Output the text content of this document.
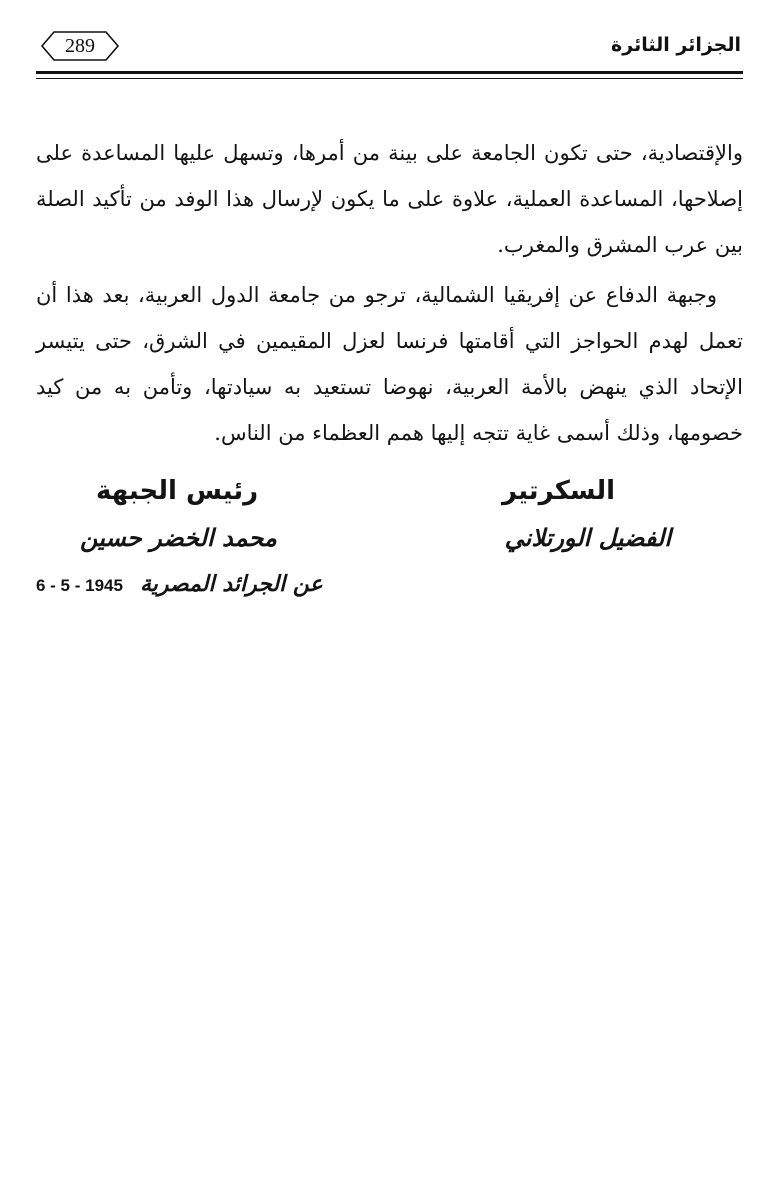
289	الجزائر الثائرة

والإقتصادية، حتى تكون الجامعة على بينة من أمرها، وتسهل عليها المساعدة على إصلاحها، المساعدة العملية، علاوة على ما يكون لإرسال هذا الوفد من تأكيد الصلة بين عرب المشرق والمغرب.

وجبهة الدفاع عن إفريقيا الشمالية، ترجو من جامعة الدول العربية، بعد هذا أن تعمل لهدم الحواجز التي أقامتها فرنسا لعزل المقيمين في الشرق، حتى يتيسر الإتحاد الذي ينهض بالأمة العربية، نهوضا تستعيد به سيادتها، وتأمن به من كيد خصومها، وذلك أسمى غاية تتجه إليها همم العظماء من الناس.

السكرتير
رئيس الجبهة
الفضيل الورتلاني
محمد الخضر حسين
عن الجرائد المصرية 6 - 5 - 1945
